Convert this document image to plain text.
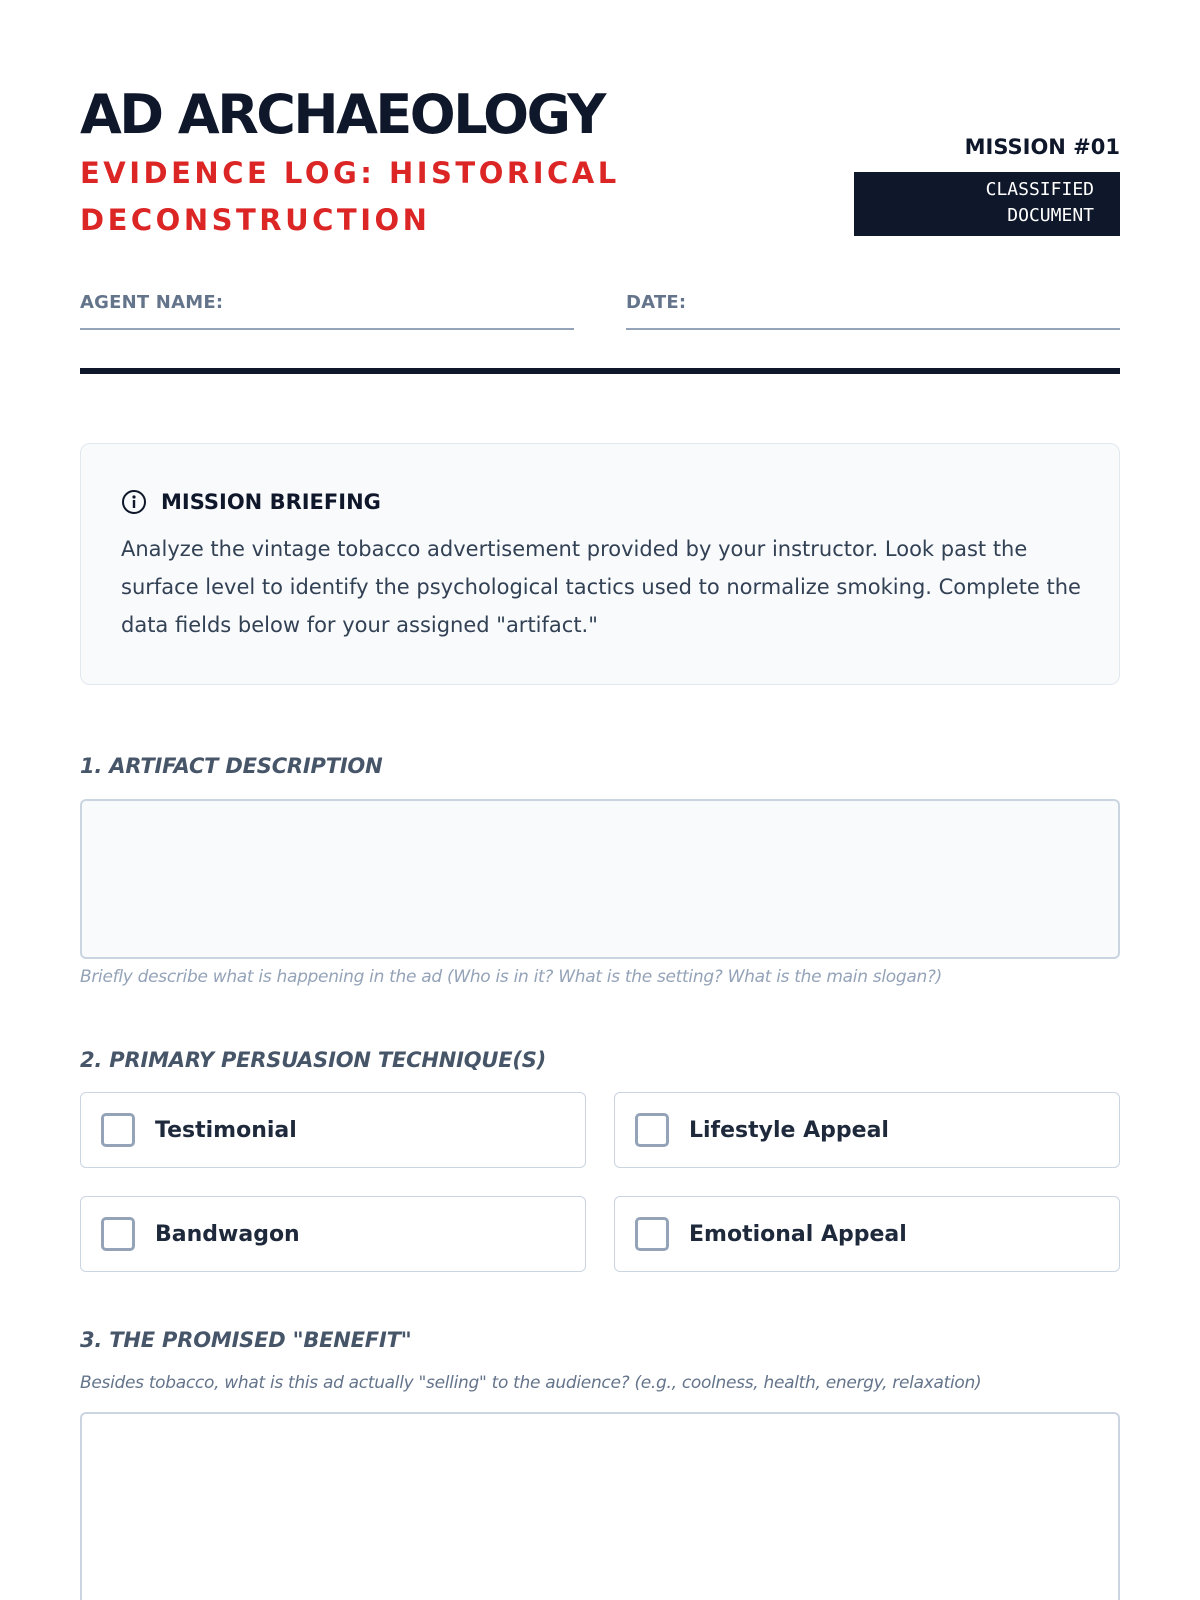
AD ARCHAEOLOGY
EVIDENCE LOG: HISTORICAL DECONSTRUCTION
MISSION #01
CLASSIFIED
DOCUMENT
AGENT NAME:	DATE:
MISSION BRIEFING
Analyze the vintage tobacco advertisement provided by your instructor. Look past the surface level to identify the psychological tactics used to normalize smoking. Complete the data fields below for your assigned "artifact."
1. ARTIFACT DESCRIPTION
Briefly describe what is happening in the ad (Who is in it? What is the setting? What is the main slogan?)
2. PRIMARY PERSUASION TECHNIQUE(S)
Testimonial	Lifestyle Appeal
Bandwagon	Emotional Appeal
3. THE PROMISED "BENEFIT"
Besides tobacco, what is this ad actually "selling" to the audience? (e.g., coolness, health, energy, relaxation)
